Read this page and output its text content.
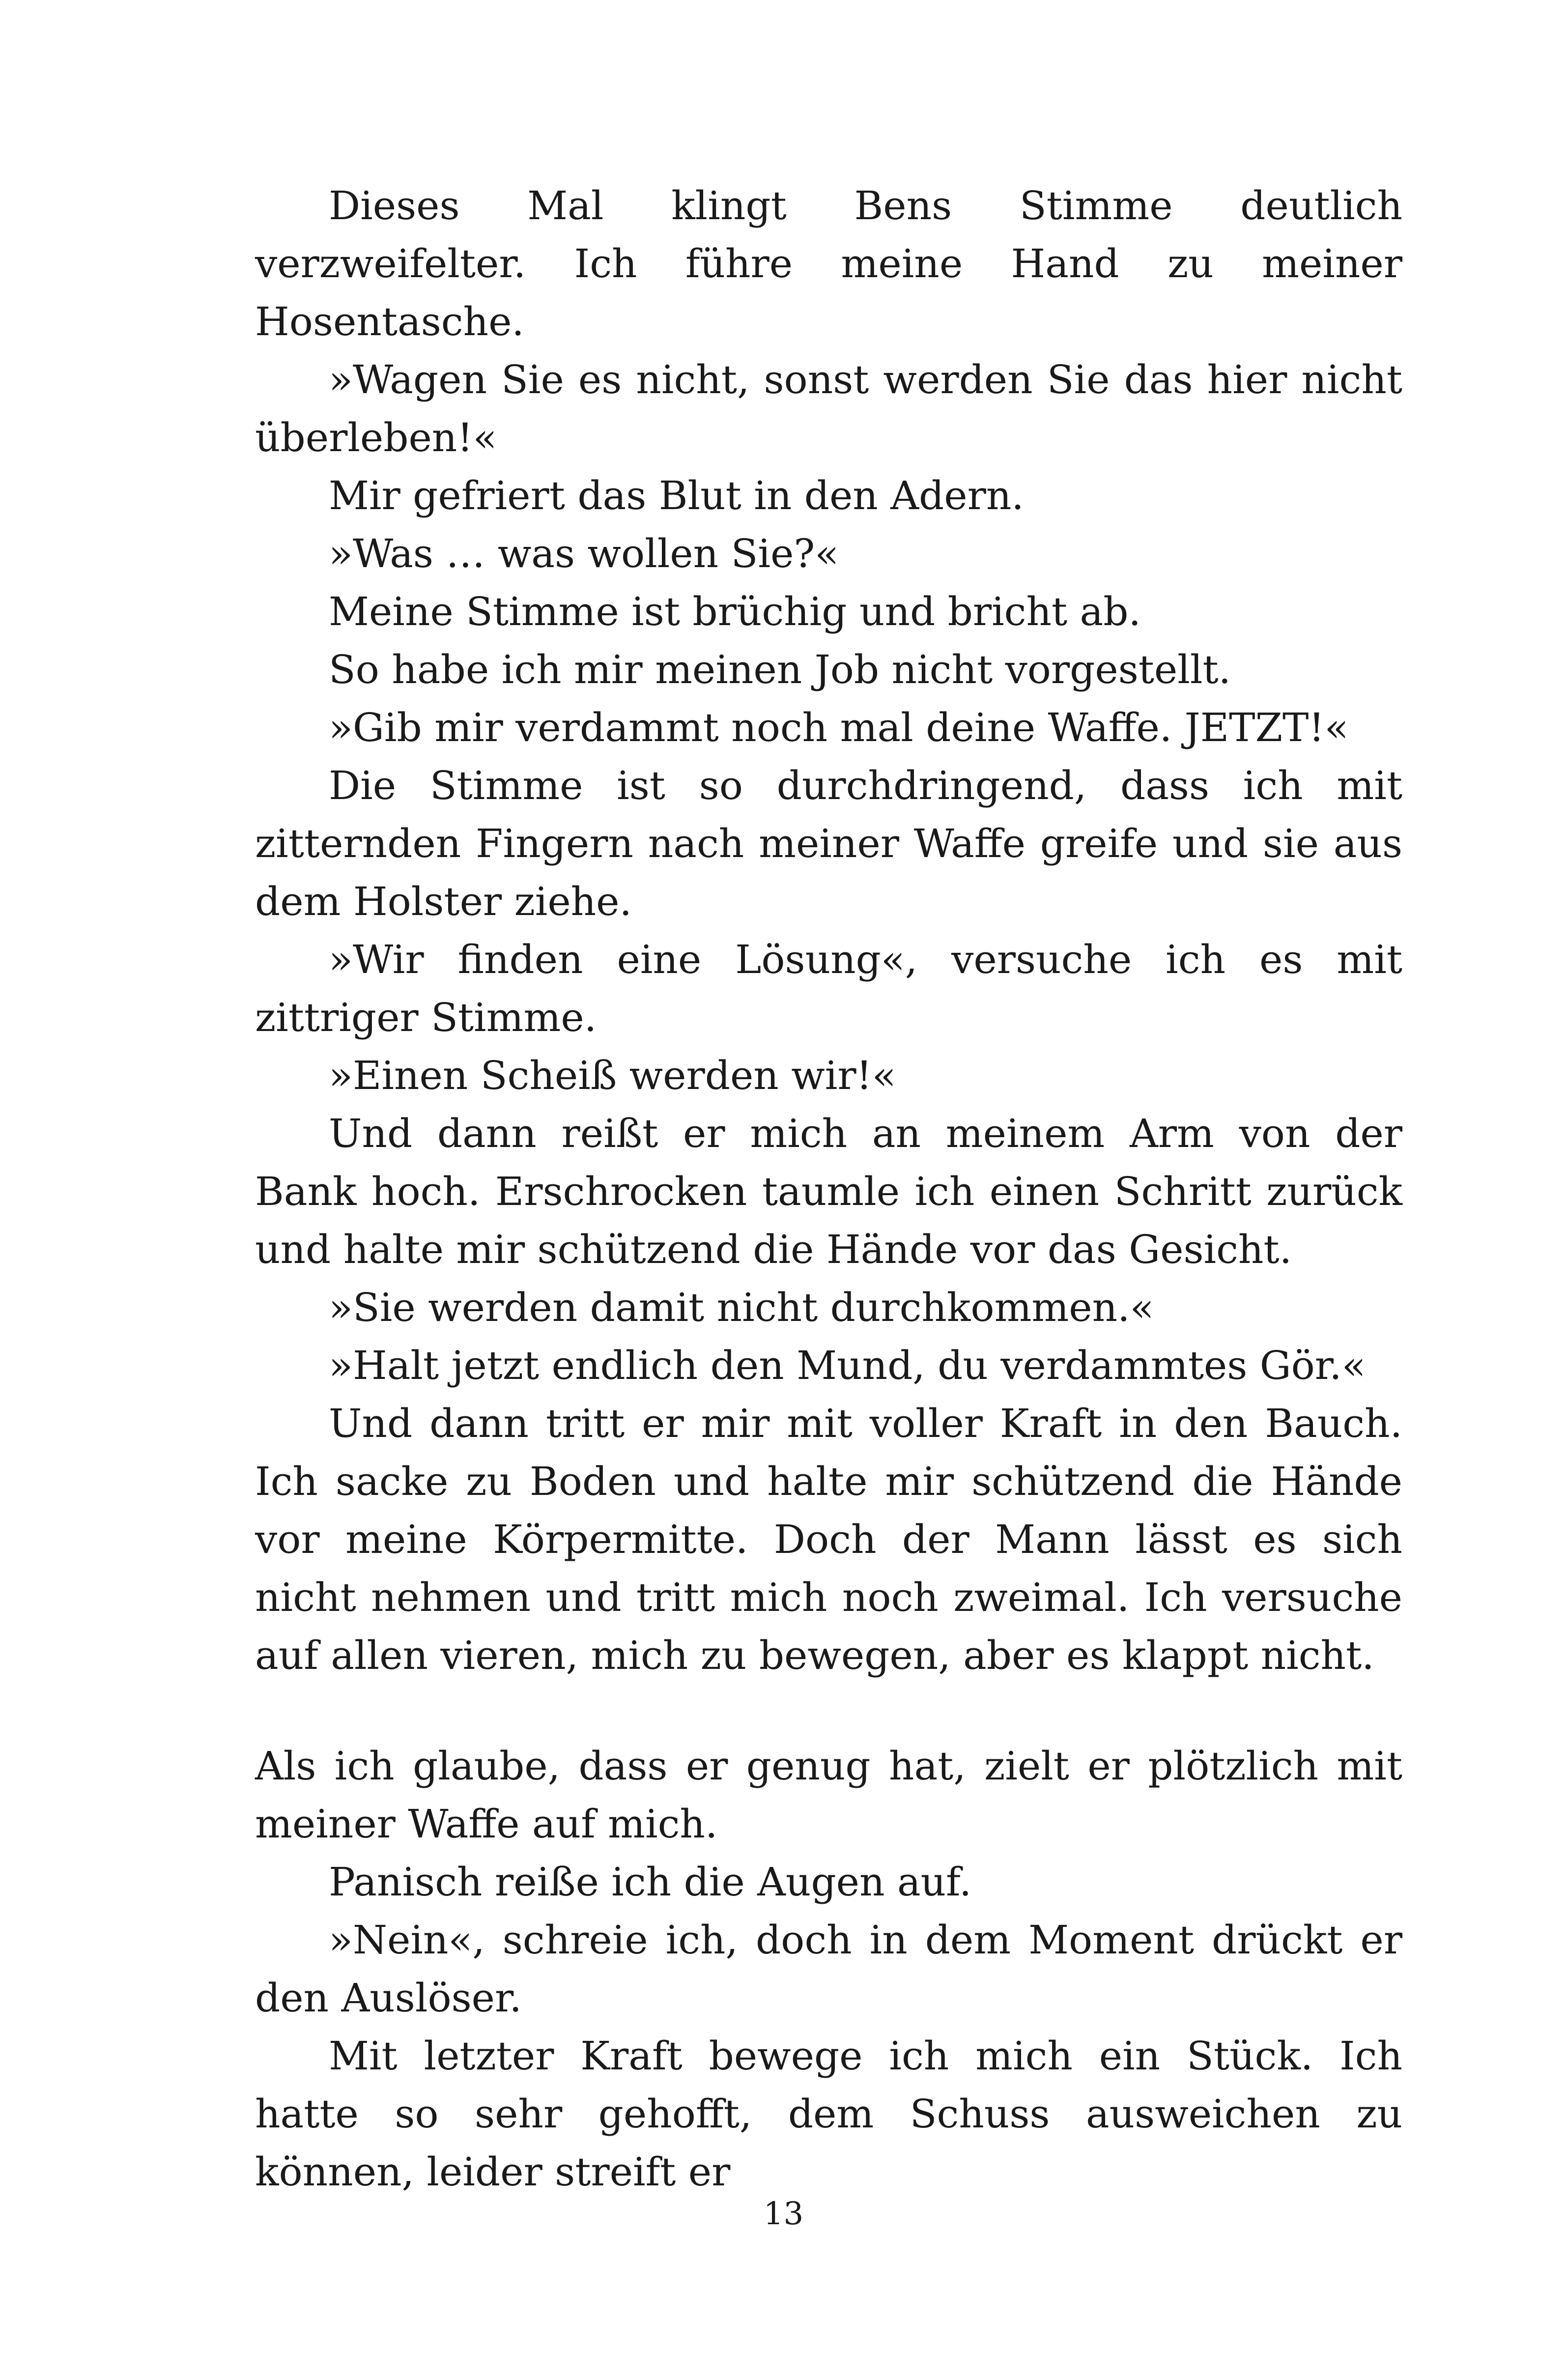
Dieses Mal klingt Bens Stimme deutlich verzweifelter. Ich führe meine Hand zu meiner Hosentasche.

»Wagen Sie es nicht, sonst werden Sie das hier nicht überleben!«

Mir gefriert das Blut in den Adern.

»Was … was wollen Sie?«

Meine Stimme ist brüchig und bricht ab.

So habe ich mir meinen Job nicht vorgestellt.

»Gib mir verdammt noch mal deine Waffe. JETZT!«

Die Stimme ist so durchdringend, dass ich mit zitternden Fingern nach meiner Waffe greife und sie aus dem Holster ziehe.

»Wir finden eine Lösung«, versuche ich es mit zittriger Stimme.

»Einen Scheiß werden wir!«

Und dann reißt er mich an meinem Arm von der Bank hoch. Erschrocken taumle ich einen Schritt zurück und halte mir schützend die Hände vor das Gesicht.

»Sie werden damit nicht durchkommen.«

»Halt jetzt endlich den Mund, du verdammtes Gör.«

Und dann tritt er mir mit voller Kraft in den Bauch. Ich sacke zu Boden und halte mir schützend die Hände vor meine Körpermitte. Doch der Mann lässt es sich nicht nehmen und tritt mich noch zweimal. Ich versuche auf allen vieren, mich zu bewegen, aber es klappt nicht.

Als ich glaube, dass er genug hat, zielt er plötzlich mit meiner Waffe auf mich.

Panisch reiße ich die Augen auf.

»Nein«, schreie ich, doch in dem Moment drückt er den Auslöser.

Mit letzter Kraft bewege ich mich ein Stück. Ich hatte so sehr gehofft, dem Schuss ausweichen zu können, leider streift er

13
